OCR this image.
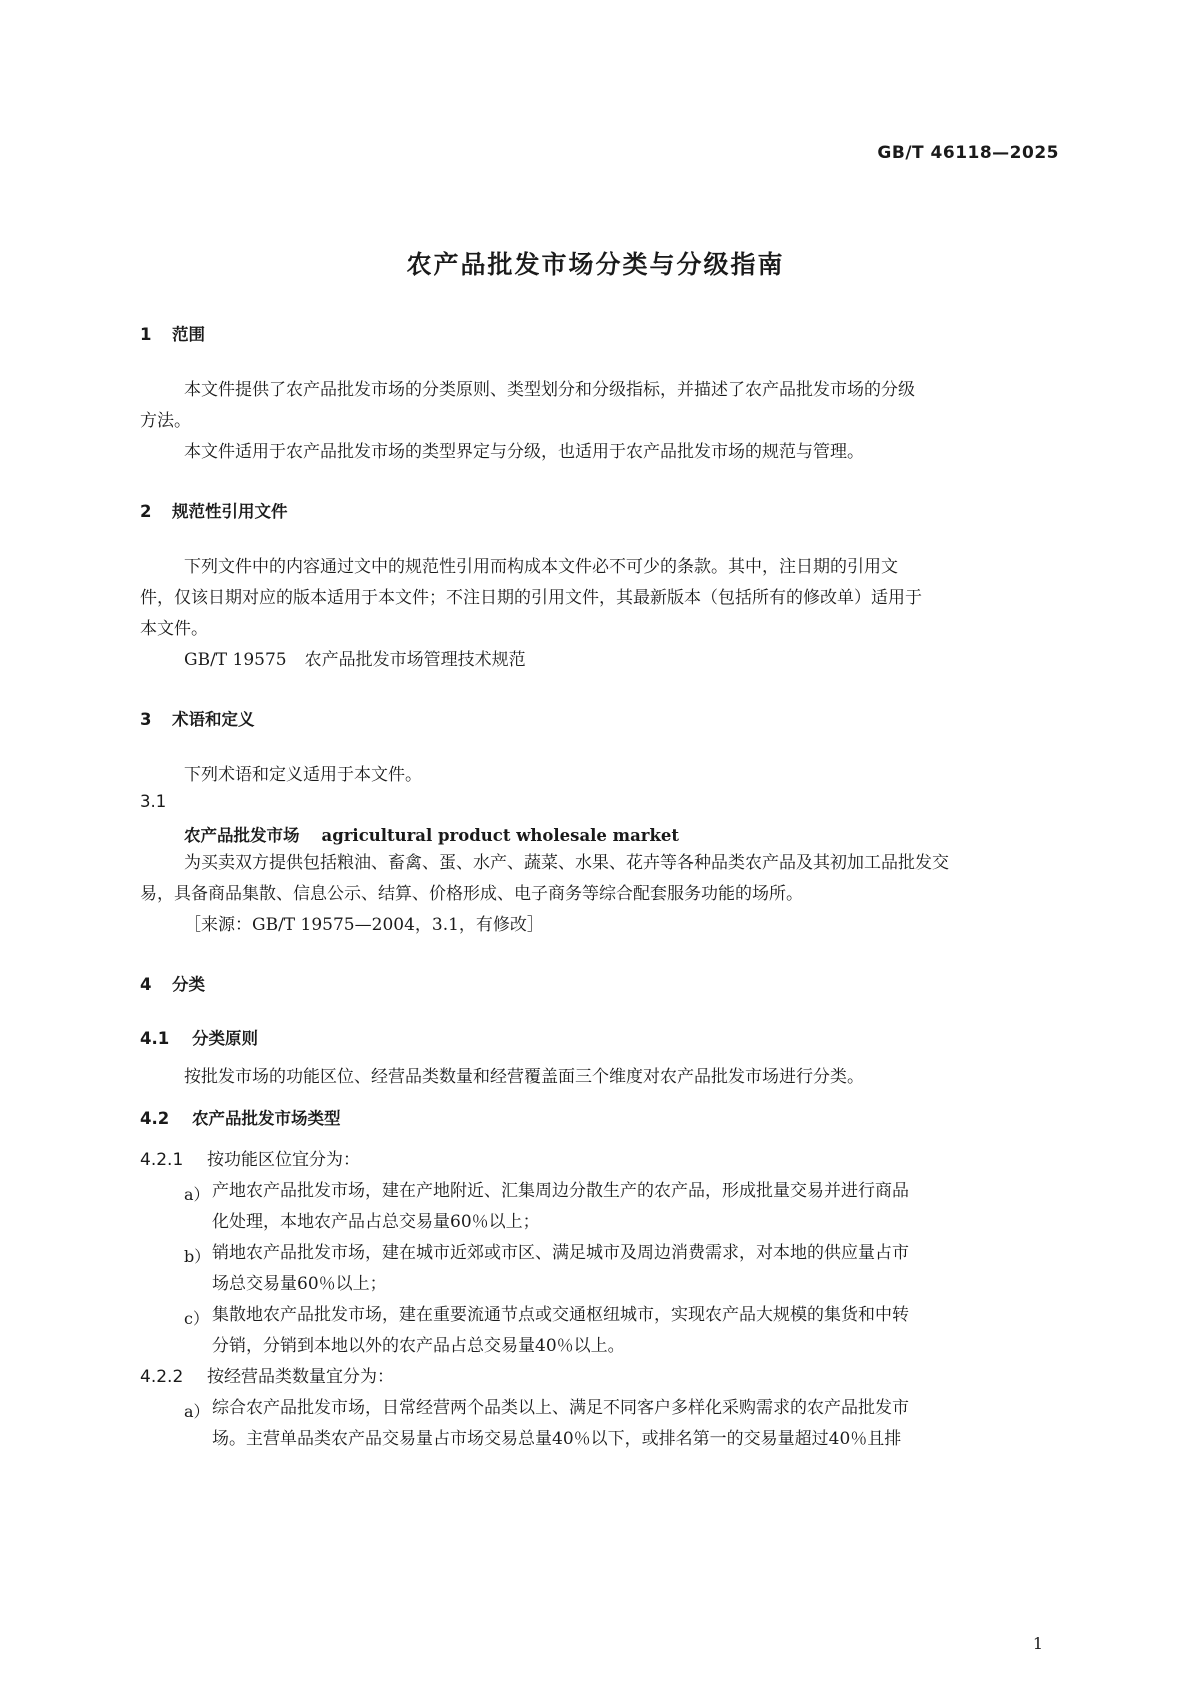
GB/T 46118—2025
农产品批发市场分类与分级指南
1 范围
本文件提供了农产品批发市场的分类原则、类型划分和分级指标，并描述了农产品批发市场的分级
方法。
本文件适用于农产品批发市场的类型界定与分级，也适用于农产品批发市场的规范与管理。
2 规范性引用文件
下列文件中的内容通过文中的规范性引用而构成本文件必不可少的条款。其中，注日期的引用文
件，仅该日期对应的版本适用于本文件；不注日期的引用文件，其最新版本（包括所有的修改单）适用于
本文件。
GB/T 19575 农产品批发市场管理技术规范
3 术语和定义
下列术语和定义适用于本文件。
3.1
农产品批发市场 agricultural product wholesale market
为买卖双方提供包括粮油、畜禽、蛋、水产、蔬菜、水果、花卉等各种品类农产品及其初加工品批发交
易，具备商品集散、信息公示、结算、价格形成、电子商务等综合配套服务功能的场所。
［来源：GB/T 19575—2004，3.1，有修改］
4 分类
4.1 分类原则
按批发市场的功能区位、经营品类数量和经营覆盖面三个维度对农产品批发市场进行分类。
4.2 农产品批发市场类型
4.2.1 按功能区位宜分为：
a） 产地农产品批发市场，建在产地附近、汇集周边分散生产的农产品，形成批量交易并进行商品
化处理，本地农产品占总交易量60％以上；
b） 销地农产品批发市场，建在城市近郊或市区、满足城市及周边消费需求，对本地的供应量占市
场总交易量60％以上；
c） 集散地农产品批发市场，建在重要流通节点或交通枢纽城市，实现农产品大规模的集货和中转
分销，分销到本地以外的农产品占总交易量40％以上。
4.2.2 按经营品类数量宜分为：
a） 综合农产品批发市场，日常经营两个品类以上、满足不同客户多样化采购需求的农产品批发市
场。主营单品类农产品交易量占市场交易总量40％以下，或排名第一的交易量超过40％且排
1
